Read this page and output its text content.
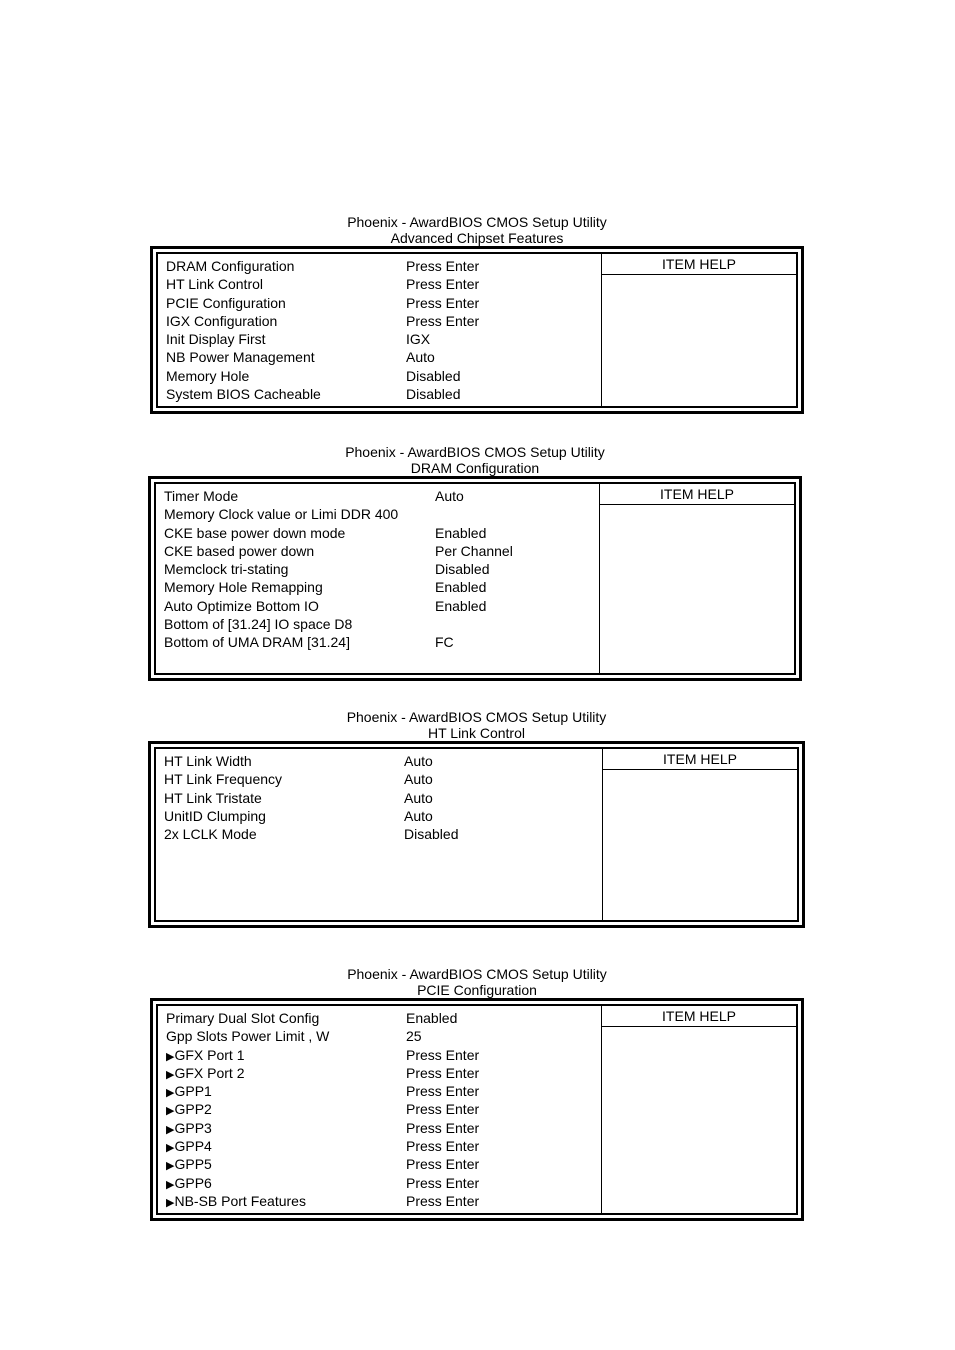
Phoenix - AwardBIOS CMOS Setup Utility
Advanced Chipset Features
DRAM Configuration	Press Enter
HT Link Control	Press Enter
PCIE Configuration	Press Enter
IGX Configuration	Press Enter
Init Display First	IGX
NB Power Management	Auto
Memory Hole	Disabled
System BIOS Cacheable	Disabled
ITEM HELP
Phoenix - AwardBIOS CMOS Setup Utility
DRAM Configuration
Timer Mode	Auto
Memory Clock value or Limi DDR 400
CKE base power down mode	Enabled
CKE based power down	Per Channel
Memclock tri-stating	Disabled
Memory Hole Remapping	Enabled
Auto Optimize Bottom IO	Enabled
Bottom of [31.24] IO space D8
Bottom of UMA DRAM [31.24]	FC
ITEM HELP
Phoenix - AwardBIOS CMOS Setup Utility
HT Link Control
HT Link Width	Auto
HT Link Frequency	Auto
HT Link Tristate	Auto
UnitID Clumping	Auto
2x LCLK Mode	Disabled
ITEM HELP
Phoenix - AwardBIOS CMOS Setup Utility
PCIE Configuration
Primary Dual Slot Config	Enabled
Gpp Slots Power Limit , W	25
▶GFX Port 1	Press Enter
▶GFX Port 2	Press Enter
▶GPP1	Press Enter
▶GPP2	Press Enter
▶GPP3	Press Enter
▶GPP4	Press Enter
▶GPP5	Press Enter
▶GPP6	Press Enter
▶NB-SB Port Features	Press Enter
ITEM HELP
